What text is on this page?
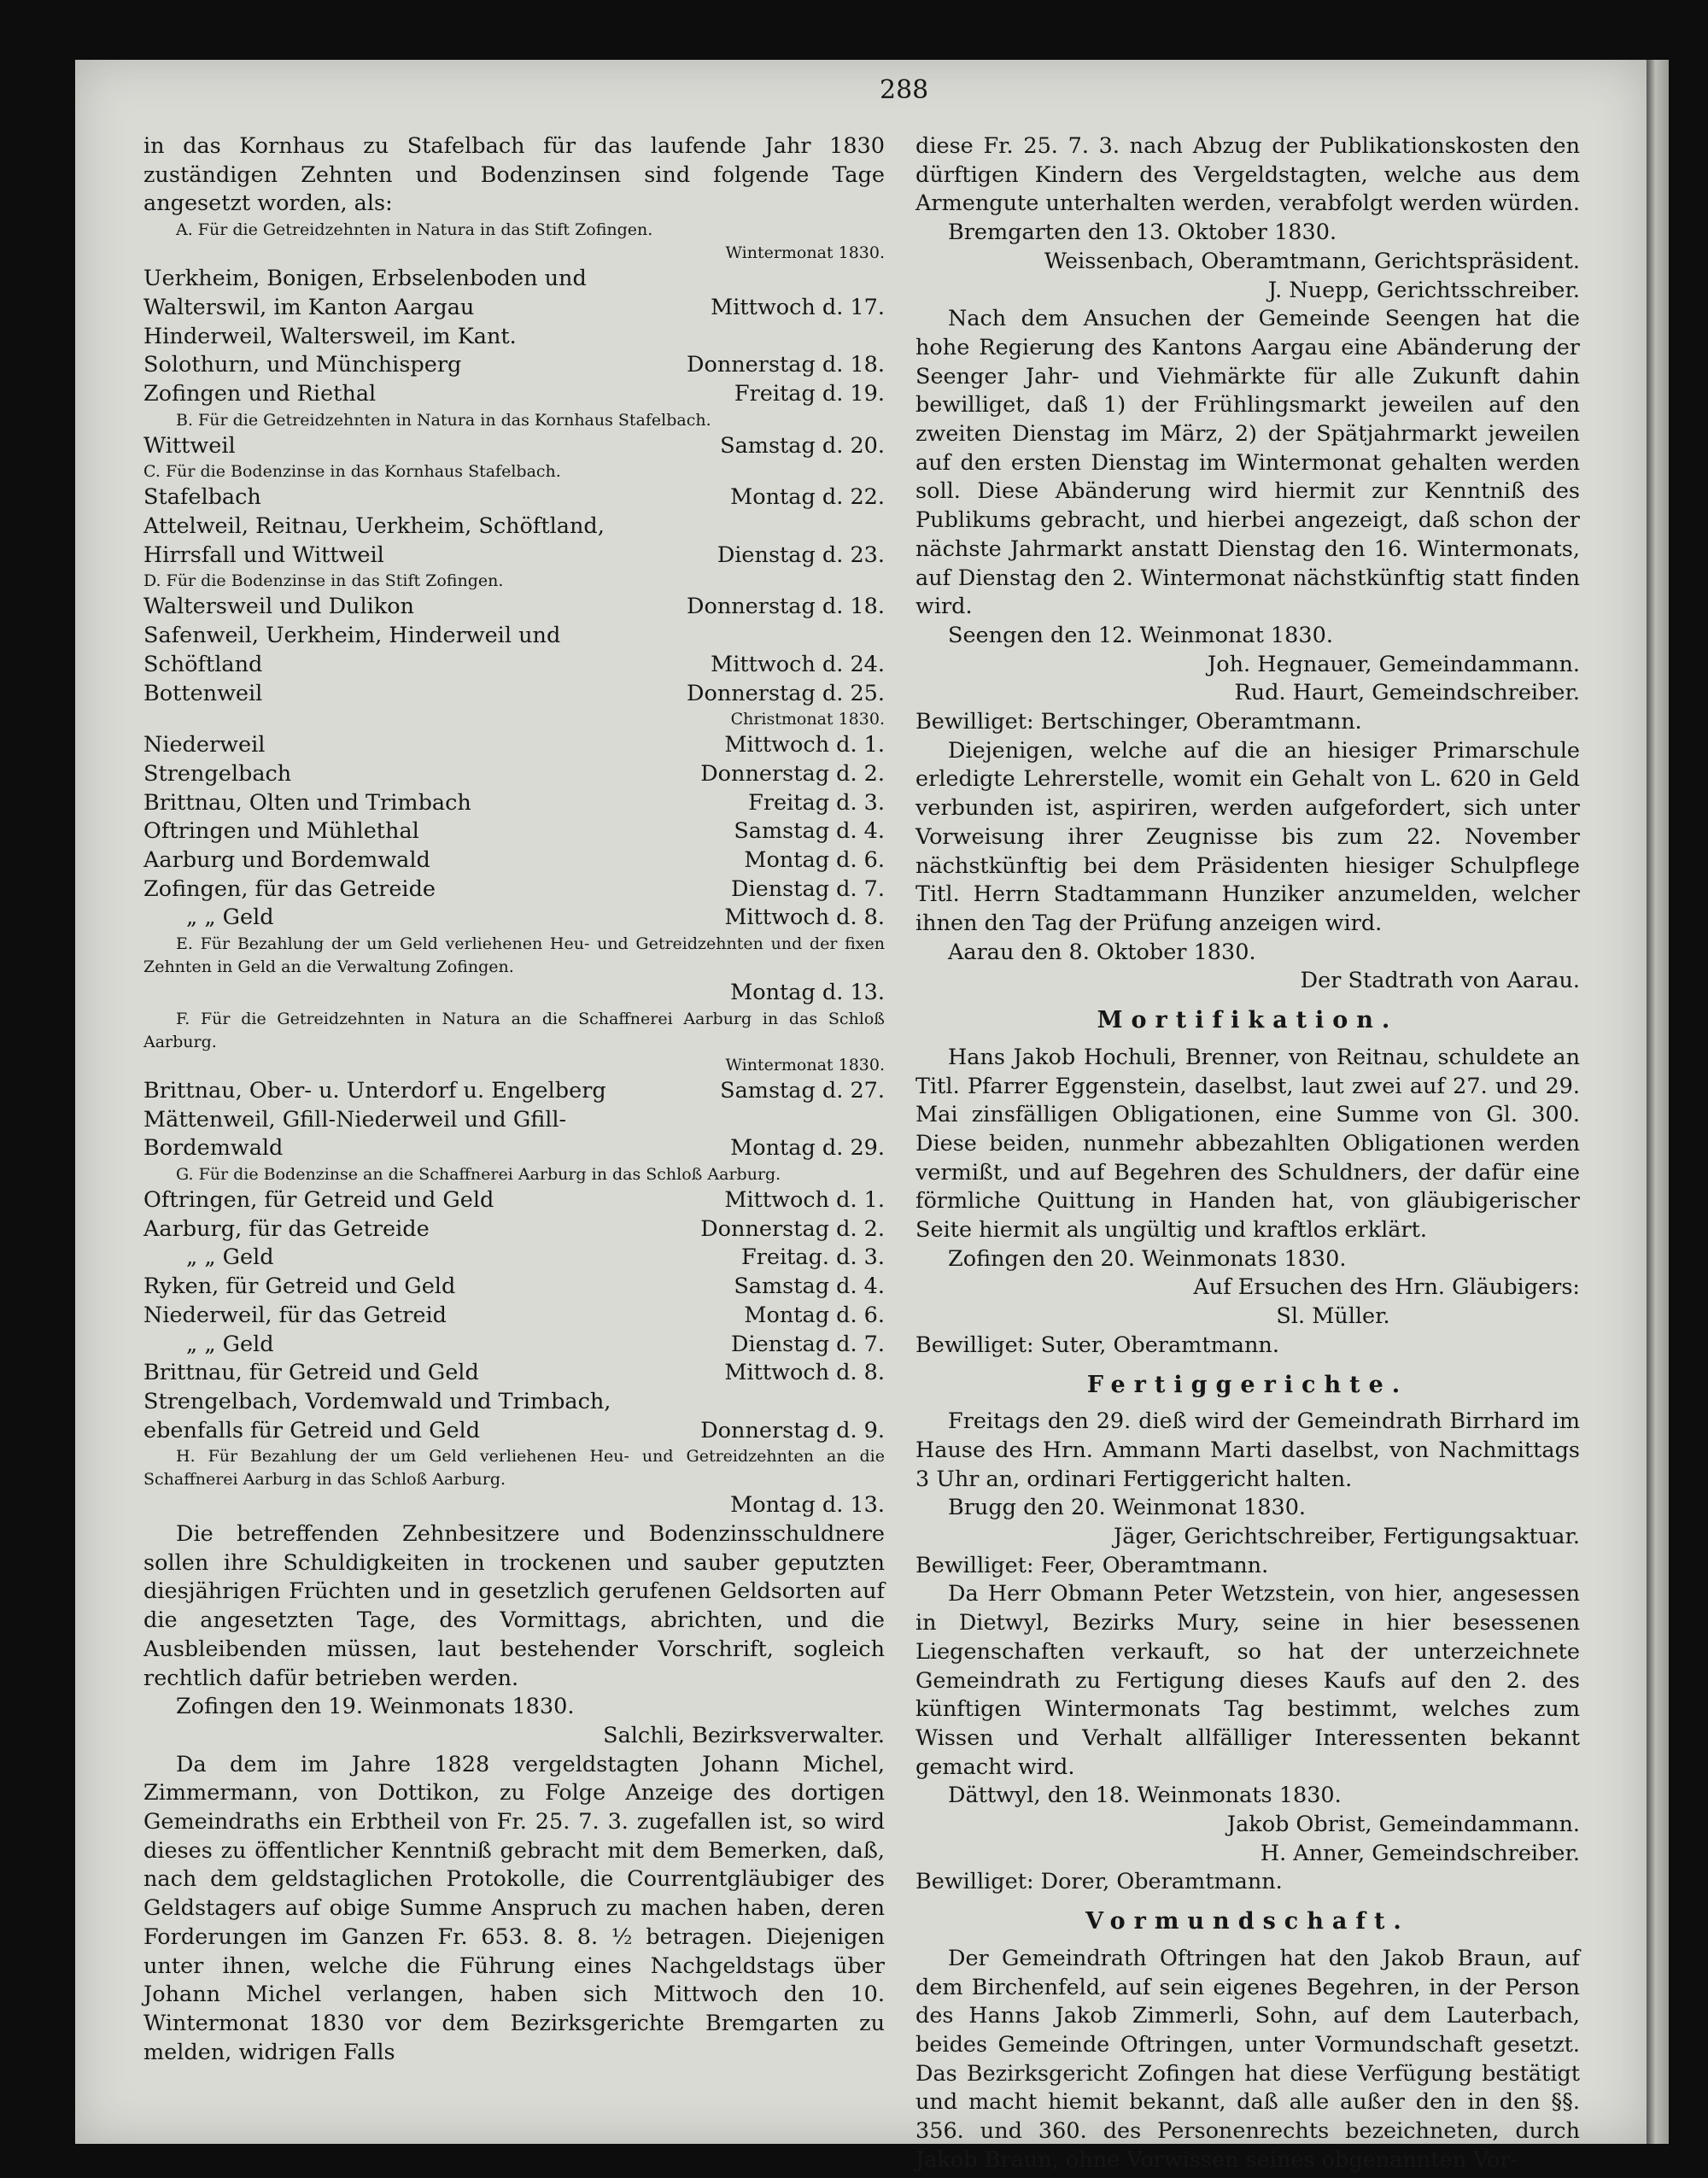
288

in das Kornhaus zu Stafelbach für das laufende Jahr 1830 zuständigen Zehnten und Bodenzinsen sind folgende Tage angesetzt worden, als:

A. Für die Getreidzehnten in Natura in das Stift Zofingen.

Wintermonat 1830.
Uerkheim, Bonigen, Erbselenboden und Walterswil, im Kanton Aargau	Mittwoch d. 17.
Hinderweil, Waltersweil, im Kant. Solothurn, und Münchisperg	Donnerstag d. 18.
Zofingen und Riethal	Freitag d. 19.

B. Für die Getreidzehnten in Natura in das Kornhaus Stafelbach.

Wittweil	Samstag d. 20.

C. Für die Bodenzinse in das Kornhaus Stafelbach.

Stafelbach	Montag d. 22.
Attelweil, Reitnau, Uerkheim, Schöftland, Hirrsfall und Wittweil	Dienstag d. 23.

D. Für die Bodenzinse in das Stift Zofingen.

Waltersweil und Dulikon	Donnerstag d. 18.
Safenweil, Uerkheim, Hinderweil und Schöftland	Mittwoch d. 24.
Bottenweil	Donnerstag d. 25.
Christmonat 1830.
Niederweil	Mittwoch d. 1.
Strengelbach	Donnerstag d. 2.
Brittnau, Olten und Trimbach	Freitag d. 3.
Oftringen und Mühlethal	Samstag d. 4.
Aarburg und Bordemwald	Montag d. 6.
Zofingen, für das Getreide	Dienstag d. 7.
„ „ Geld	Mittwoch d. 8.

E. Für Bezahlung der um Geld verliehenen Heu- und Getreidzehnten und der fixen Zehnten in Geld an die Verwaltung Zofingen.

Montag d. 13.

F. Für die Getreidzehnten in Natura an die Schaffnerei Aarburg in das Schloß Aarburg.

Wintermonat 1830.
Brittnau, Ober- u. Unterdorf u. Engelberg	Samstag d. 27.
Mättenweil, Gfill-Niederweil und Gfill-Bordemwald	Montag d. 29.

G. Für die Bodenzinse an die Schaffnerei Aarburg in das Schloß Aarburg.

Oftringen, für Getreid und Geld	Mittwoch d. 1.
Aarburg, für das Getreide	Donnerstag d. 2.
„ „ Geld	Freitag. d. 3.
Ryken, für Getreid und Geld	Samstag d. 4.
Niederweil, für das Getreid	Montag d. 6.
„ „ Geld	Dienstag d. 7.
Brittnau, für Getreid und Geld	Mittwoch d. 8.
Strengelbach, Vordemwald und Trimbach, ebenfalls für Getreid und Geld	Donnerstag d. 9.

H. Für Bezahlung der um Geld verliehenen Heu- und Getreidzehnten an die Schaffnerei Aarburg in das Schloß Aarburg.

Montag d. 13.

Die betreffenden Zehnbesitzere und Bodenzinsschuldnere sollen ihre Schuldigkeiten in trockenen und sauber geputzten diesjährigen Früchten und in gesetzlich gerufenen Geldsorten auf die angesetzten Tage, des Vormittags, abrichten, und die Ausbleibenden müssen, laut bestehender Vorschrift, sogleich rechtlich dafür betrieben werden.

Zofingen den 19. Weinmonats 1830.

Salchli, Bezirksverwalter.

Da dem im Jahre 1828 vergeldstagten Johann Michel, Zimmermann, von Dottikon, zu Folge Anzeige des dortigen Gemeindraths ein Erbtheil von Fr. 25. 7. 3. zugefallen ist, so wird dieses zu öffentlicher Kenntniß gebracht mit dem Bemerken, daß, nach dem geldstaglichen Protokolle, die Courrentgläubiger des Geldstagers auf obige Summe Anspruch zu machen haben, deren Forderungen im Ganzen Fr. 653. 8. 8. ½ betragen. Diejenigen unter ihnen, welche die Führung eines Nachgeldstags über Johann Michel verlangen, haben sich Mittwoch den 10. Wintermonat 1830 vor dem Bezirksgerichte Bremgarten zu melden, widrigen Falls

diese Fr. 25. 7. 3. nach Abzug der Publikationskosten den dürftigen Kindern des Vergeldstagten, welche aus dem Armengute unterhalten werden, verabfolgt werden würden.

Bremgarten den 13. Oktober 1830.

Weissenbach, Oberamtmann, Gerichtspräsident.
J. Nuepp, Gerichtsschreiber.

Nach dem Ansuchen der Gemeinde Seengen hat die hohe Regierung des Kantons Aargau eine Abänderung der Seenger Jahr- und Viehmärkte für alle Zukunft dahin bewilliget, daß 1) der Frühlingsmarkt jeweilen auf den zweiten Dienstag im März, 2) der Spätjahrmarkt jeweilen auf den ersten Dienstag im Wintermonat gehalten werden soll. Diese Abänderung wird hiermit zur Kenntniß des Publikums gebracht, und hierbei angezeigt, daß schon der nächste Jahrmarkt anstatt Dienstag den 16. Wintermonats, auf Dienstag den 2. Wintermonat nächstkünftig statt finden wird.

Seengen den 12. Weinmonat 1830.

Joh. Hegnauer, Gemeindammann.
Rud. Haurt, Gemeindschreiber.

Bewilliget: Bertschinger, Oberamtmann.

Diejenigen, welche auf die an hiesiger Primarschule erledigte Lehrerstelle, womit ein Gehalt von L. 620 in Geld verbunden ist, aspiriren, werden aufgefordert, sich unter Vorweisung ihrer Zeugnisse bis zum 22. November nächstkünftig bei dem Präsidenten hiesiger Schulpflege Titl. Herrn Stadtammann Hunziker anzumelden, welcher ihnen den Tag der Prüfung anzeigen wird.

Aarau den 8. Oktober 1830.

Der Stadtrath von Aarau.
Mortifikation.

Hans Jakob Hochuli, Brenner, von Reitnau, schuldete an Titl. Pfarrer Eggenstein, daselbst, laut zwei auf 27. und 29. Mai zinsfälligen Obligationen, eine Summe von Gl. 300. Diese beiden, nunmehr abbezahlten Obligationen werden vermißt, und auf Begehren des Schuldners, der dafür eine förmliche Quittung in Handen hat, von gläubigerischer Seite hiermit als ungültig und kraftlos erklärt.

Zofingen den 20. Weinmonats 1830.

Auf Ersuchen des Hrn. Gläubigers:
Sl. Müller.

Bewilliget: Suter, Oberamtmann.

Fertiggerichte.

Freitags den 29. dieß wird der Gemeindrath Birrhard im Hause des Hrn. Ammann Marti daselbst, von Nachmittags 3 Uhr an, ordinari Fertiggericht halten.

Brugg den 20. Weinmonat 1830.

Jäger, Gerichtschreiber, Fertigungsaktuar.

Bewilliget: Feer, Oberamtmann.

Da Herr Obmann Peter Wetzstein, von hier, angesessen in Dietwyl, Bezirks Mury, seine in hier besessenen Liegenschaften verkauft, so hat der unterzeichnete Gemeindrath zu Fertigung dieses Kaufs auf den 2. des künftigen Wintermonats Tag bestimmt, welches zum Wissen und Verhalt allfälliger Interessenten bekannt gemacht wird.

Dättwyl, den 18. Weinmonats 1830.

Jakob Obrist, Gemeindammann.
H. Anner, Gemeindschreiber.

Bewilliget: Dorer, Oberamtmann.

Vormundschaft.

Der Gemeindrath Oftringen hat den Jakob Braun, auf dem Birchenfeld, auf sein eigenes Begehren, in der Person des Hanns Jakob Zimmerli, Sohn, auf dem Lauterbach, beides Gemeinde Oftringen, unter Vormundschaft gesetzt. Das Bezirksgericht Zofingen hat diese Verfügung bestätigt und macht hiemit bekannt, daß alle außer den in den §§. 356. und 360. des Personenrechts bezeichneten, durch Jakob Braun, ohne Vorwissen seines obgenannten Vor-
